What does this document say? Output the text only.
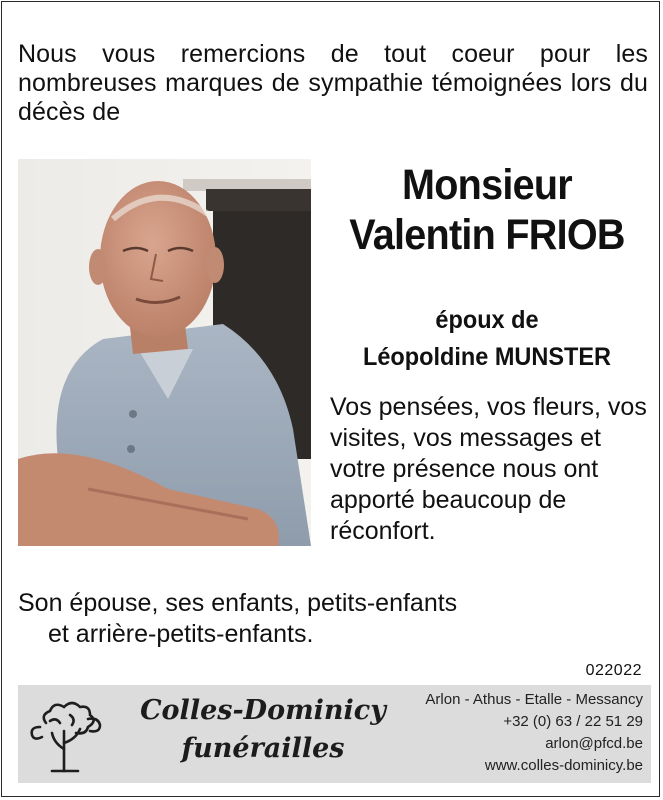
Nous vous remercions de tout coeur pour les nombreuses marques de sympathie témoignées lors du décès de
Monsieur
Valentin FRIOB
époux de
Léopoldine MUNSTER
Vos pensées, vos fleurs, vos visites, vos messages et votre présence nous ont apporté beaucoup de réconfort.
Son épouse, ses enfants, petits-enfants
et arrière-petits-enfants.
022022
Colles-Dominicy
funérailles
Arlon - Athus - Etalle - Messancy
+32 (0) 63 / 22 51 29
arlon@pfcd.be
www.colles-dominicy.be
